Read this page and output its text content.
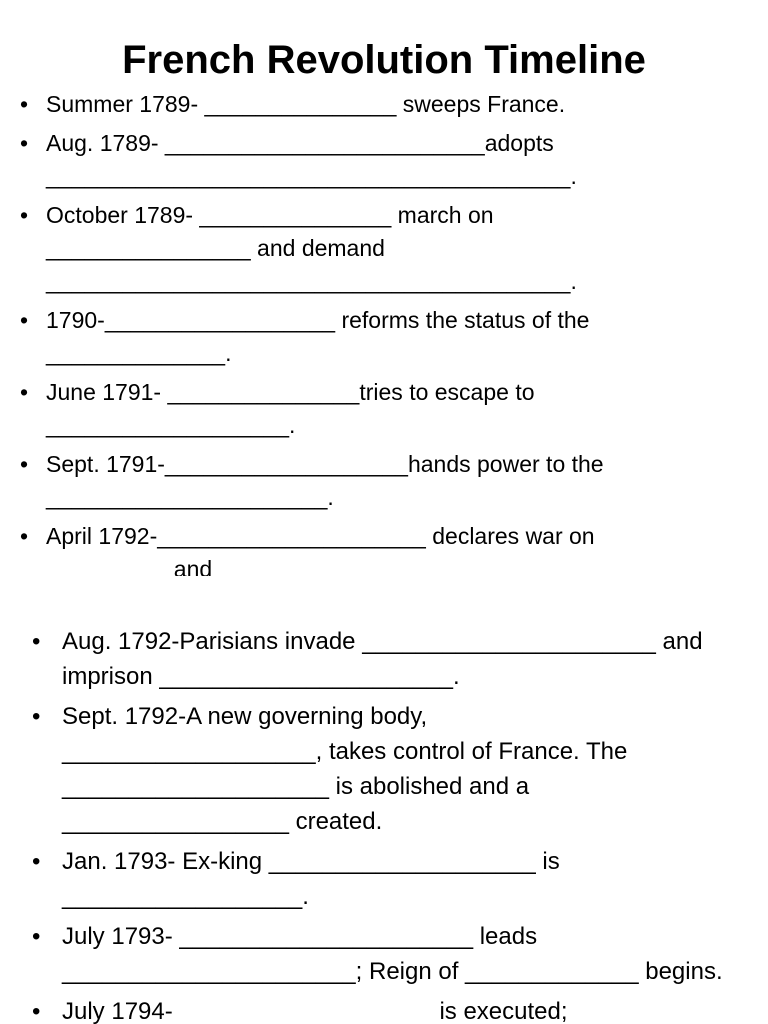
French Revolution Timeline
• Summer 1789- _______________ sweeps France.
• Aug. 1789- _________________________adopts
_________________________________________.
• October 1789- _______________ march on
________________ and demand
_________________________________________.
• 1790-__________________ reforms the status of the
______________.
• June 1791- _______________tries to escape to
___________________.
• Sept. 1791-___________________hands power to the
______________________.
• April 1792-_____________________ declares war on
and
• Aug. 1792-Parisians invade ______________________ and
imprison ______________________.
• Sept. 1792-A new governing body,
___________________, takes control of France. The
____________________ is abolished and a
_________________ created.
• Jan. 1793- Ex-king ____________________ is
__________________.
• July 1793- ______________________ leads
______________________; Reign of _____________ begins.
• July 1794-                                        is executed;
